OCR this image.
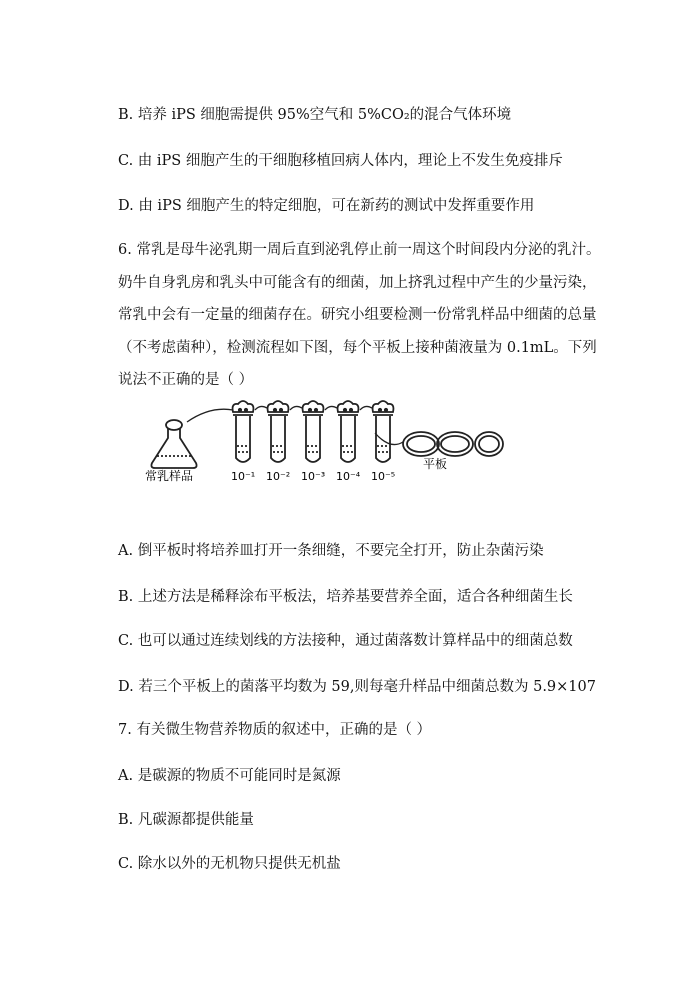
B. 培养 iPS 细胞需提供 95%空气和 5%CO₂的混合气体环境
C. 由 iPS 细胞产生的干细胞移植回病人体内，理论上不发生免疫排斥
D. 由 iPS 细胞产生的特定细胞，可在新药的测试中发挥重要作用
6. 常乳是母牛泌乳期一周后直到泌乳停止前一周这个时间段内分泌的乳汁。
奶牛自身乳房和乳头中可能含有的细菌，加上挤乳过程中产生的少量污染，
常乳中会有一定量的细菌存在。研究小组要检测一份常乳样品中细菌的总量
（不考虑菌种），检测流程如下图，每个平板上接种菌液量为 0.1mL。下列
说法不正确的是（ ）
平板
常乳样品	10⁻¹ 10⁻² 10⁻³ 10⁻⁴ 10⁻⁵
A. 倒平板时将培养皿打开一条细缝，不要完全打开，防止杂菌污染
B. 上述方法是稀释涂布平板法，培养基要营养全面，适合各种细菌生长
C. 也可以通过连续划线的方法接种，通过菌落数计算样品中的细菌总数
D. 若三个平板上的菌落平均数为 59,则每毫升样品中细菌总数为 5.9×107
7. 有关微生物营养物质的叙述中，正确的是（ ）
A. 是碳源的物质不可能同时是氮源
B. 凡碳源都提供能量
C. 除水以外的无机物只提供无机盐
